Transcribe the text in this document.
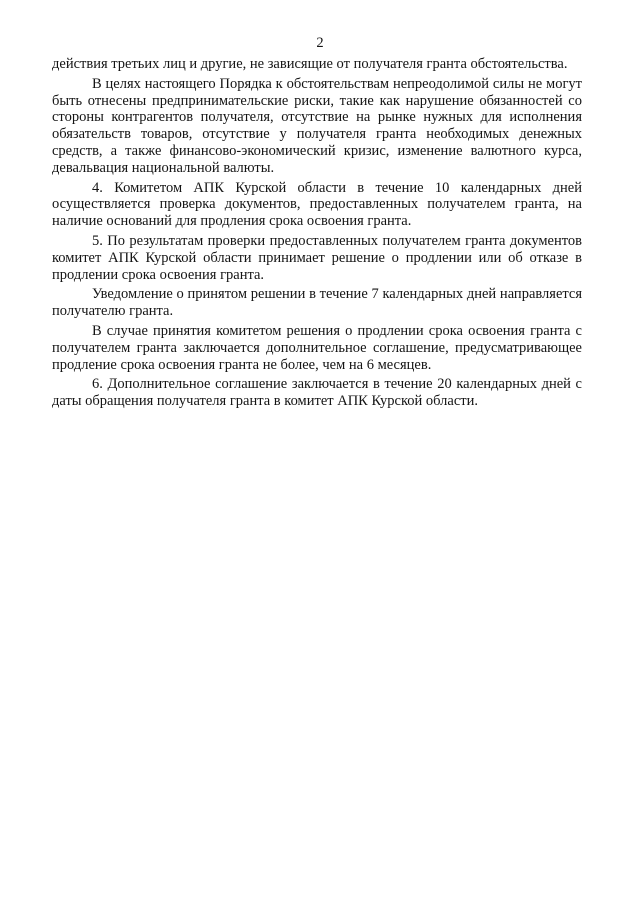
2

действия третьих лиц и другие, не зависящие от получателя гранта обстоятельства.

В целях настоящего Порядка к обстоятельствам непреодолимой силы не могут быть отнесены предпринимательские риски, такие как нарушение обязанностей со стороны контрагентов получателя, отсутствие на рынке нужных для исполнения обязательств товаров, отсутствие у получателя гранта необходимых денежных средств, а также финансово-экономический кризис, изменение валютного курса, девальвация национальной валюты.

4. Комитетом АПК Курской области в течение 10 календарных дней осуществляется проверка документов, предоставленных получателем гранта, на наличие оснований для продления срока освоения гранта.

5. По результатам проверки предоставленных получателем гранта документов комитет АПК Курской области принимает решение о продлении или об отказе в продлении срока освоения гранта.

Уведомление о принятом решении в течение 7 календарных дней направляется получателю гранта.

В случае принятия комитетом решения о продлении срока освоения гранта с получателем гранта заключается дополнительное соглашение, предусматривающее продление срока освоения гранта не более, чем на 6 месяцев.

6. Дополнительное соглашение заключается в течение 20 календарных дней с даты обращения получателя гранта в комитет АПК Курской области.
